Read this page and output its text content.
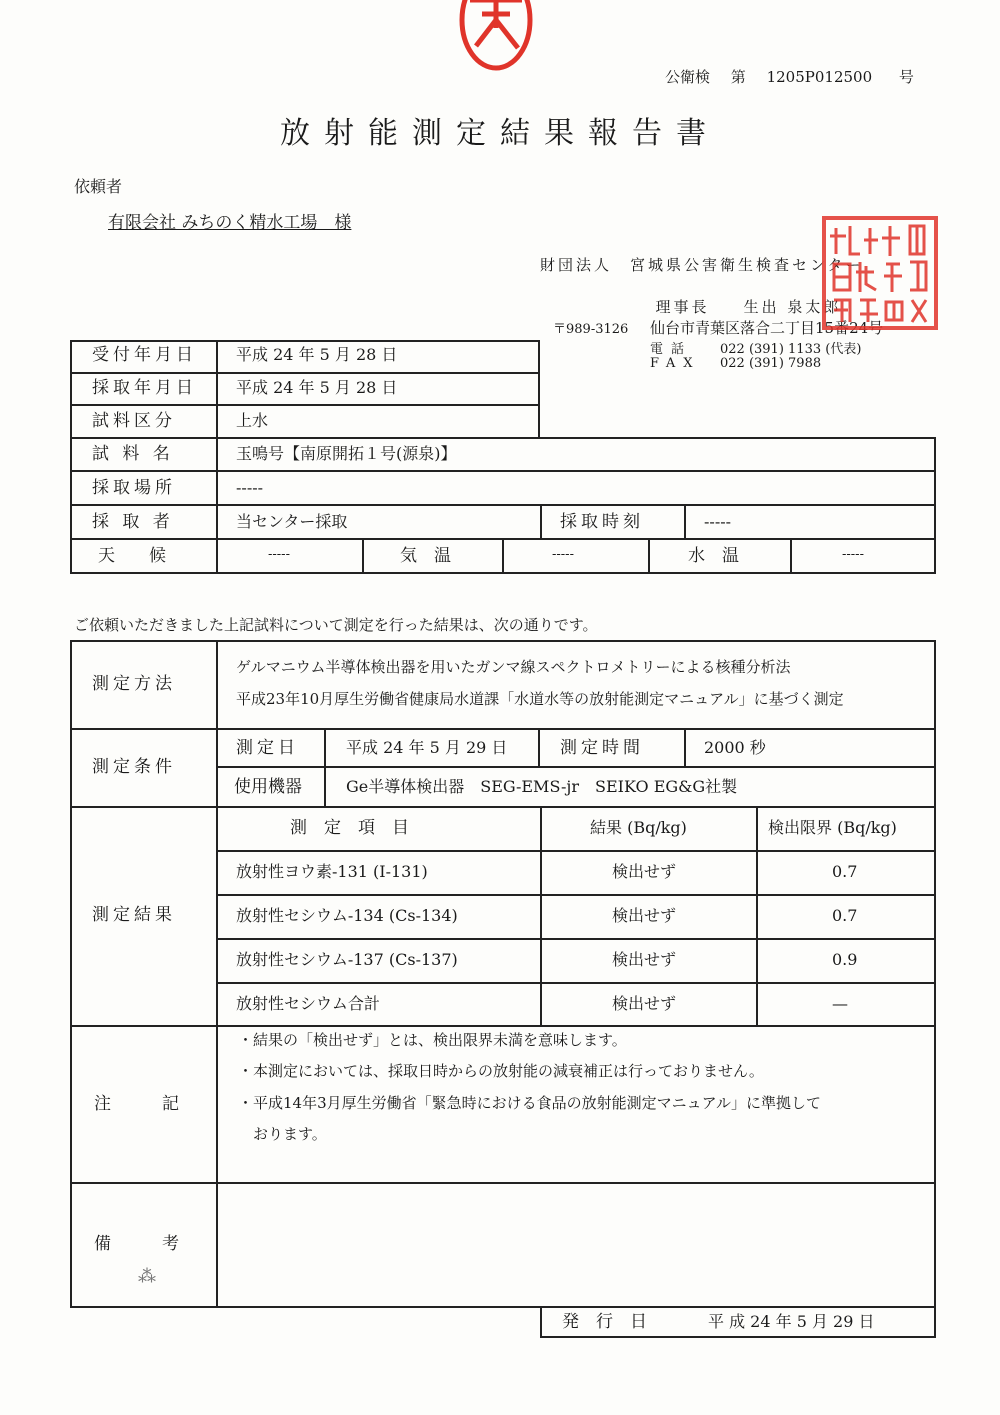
公衛検 第 1205P012500 号
放射能測定結果報告書
依頼者
有限会社 みちのく精水工場　様
財団法人　宮城県公害衛生検査センター

理事長 生出 泉太郎

〒989-3126 仙台市青葉区落合二丁目15番24号
電話 022 (391) 1133 (代表)
FAX 022 (391) 7988
受付年月日 平成 24 年 5 月 28 日
採取年月日 平成 24 年 5 月 28 日
試料区分	上水
試 料 名	玉鳴号【南原開拓１号(源泉)】
採取場所	-----
採 取 者	当センター採取	採取時刻	-----
天　　候	-----	気　温	-----	水　温	-----
ご依頼いただきました上記試料について測定を行った結果は、次の通りです。
測定方法
ゲルマニウム半導体検出器を用いたガンマ線スペクトロメトリーによる核種分析法
平成23年10月厚生労働省健康局水道課「水道水等の放射能測定マニュアル」に基づく測定
測定条件
測定日	平成 24 年 5 月 29 日	測定時間	2000 秒
使用機器	Ge半導体検出器　SEG-EMS-jr　SEIKO EG&G社製
測定結果
測　定　項　目	結果 (Bq/kg)	検出限界 (Bq/kg)
放射性ヨウ素-131 (I-131)	検出せず	0.7
放射性セシウム-134 (Cs-134)	検出せず	0.7
放射性セシウム-137 (Cs-137)	検出せず	0.9
放射性セシウム合計	検出せず	—
注　　　記
・結果の「検出せず」とは、検出限界未満を意味します。
・本測定においては、採取日時からの放射能の減衰補正は行っておりません。
・平成14年3月厚生労働省「緊急時における食品の放射能測定マニュアル」に準拠して
　おります。
備　　　考
⁂
発　行　日	平 成 24 年 5 月 29 日
